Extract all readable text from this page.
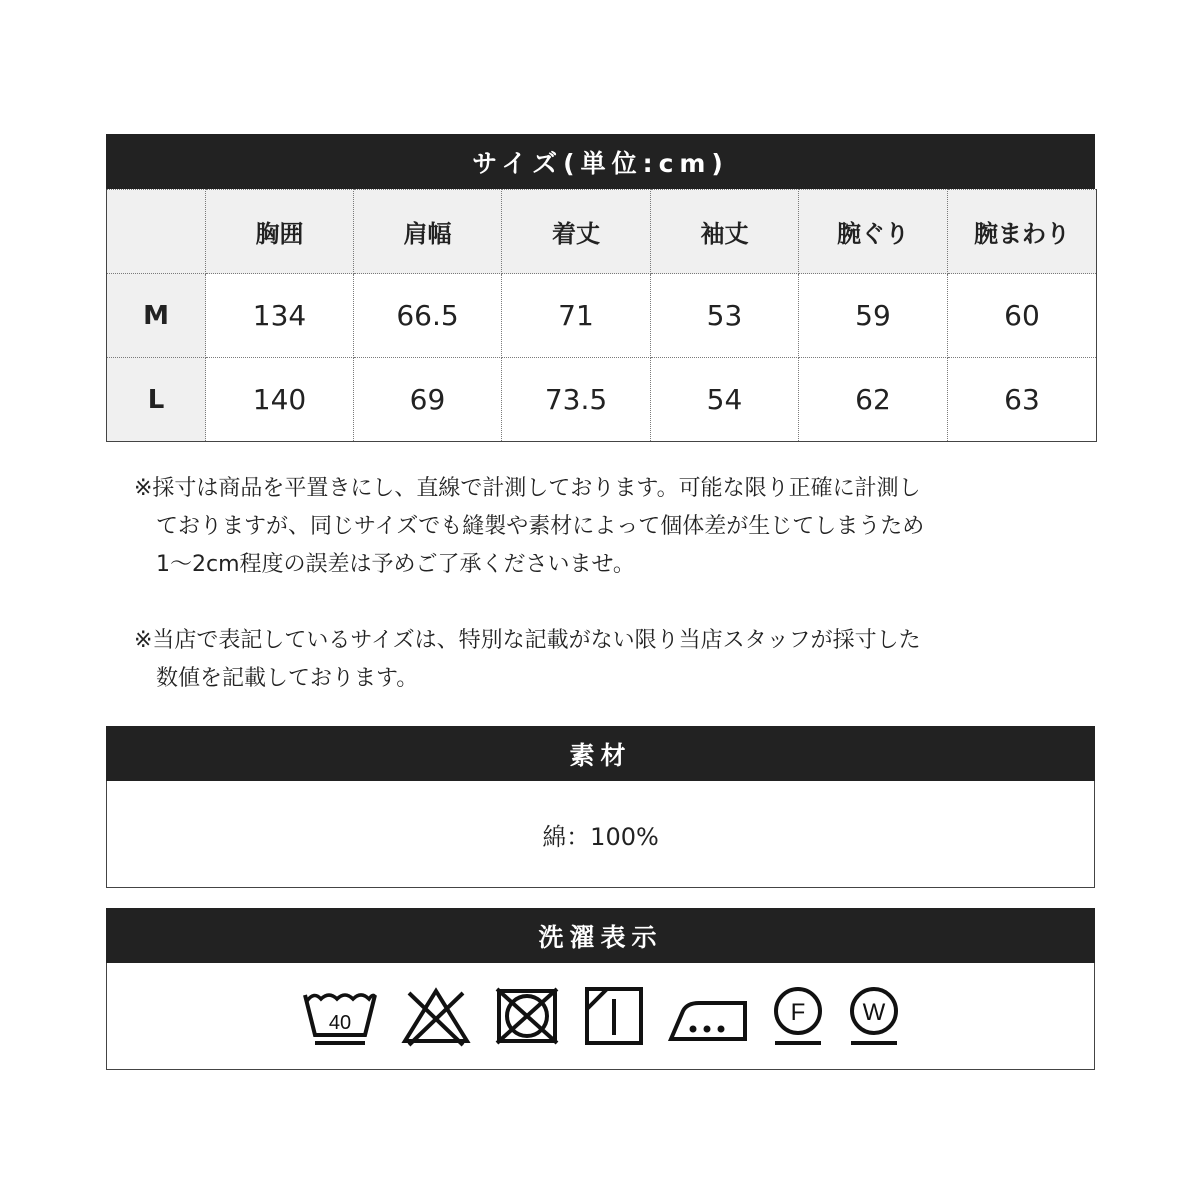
サイズ(単位:cm)
	胸囲	肩幅	着丈	袖丈	腕ぐり	腕まわり
M	134	66.5	71	53	59	60
L	140	69	73.5	54	62	63

※採寸は商品を平置きにし、直線で計測しております。可能な限り正確に計測し

　ておりますが、同じサイズでも縫製や素材によって個体差が生じてしまうため

　1～2cm程度の誤差は予めご了承くださいませ。

※当店で表記しているサイズは、特別な記載がない限り当店スタッフが採寸した

　数値を記載しております。

素材
綿：100%
洗濯表示
40	F W
